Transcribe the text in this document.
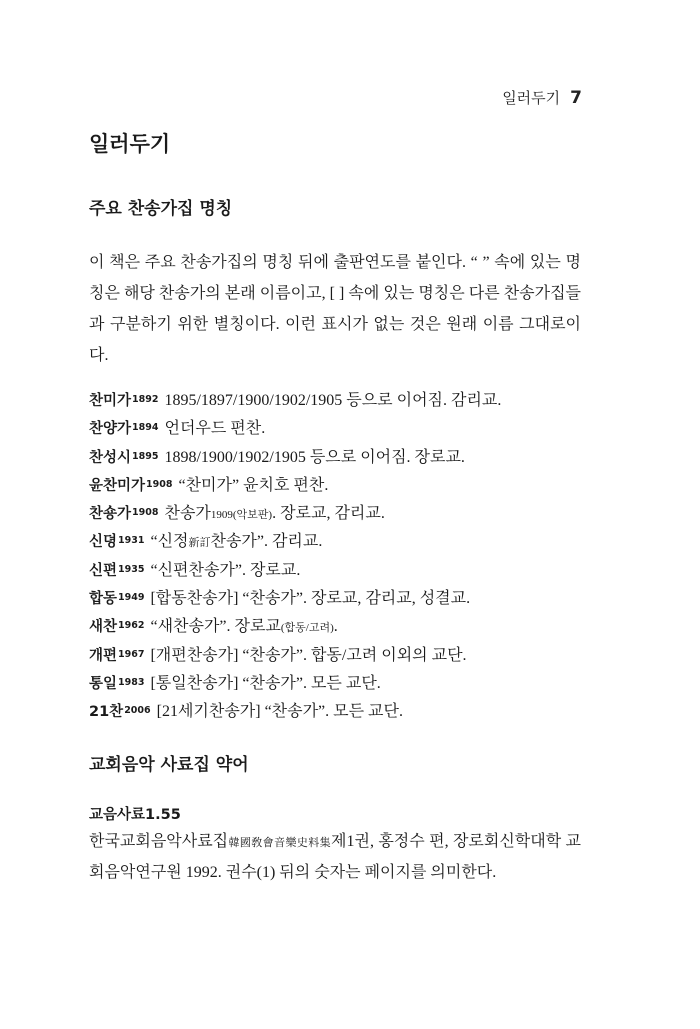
일러두기 7
일러두기
주요 찬송가집 명칭

이 책은 주요 찬송가집의 명칭 뒤에 출판연도를 붙인다. “ ” 속에 있는 명칭은 해당 찬송가의 본래 이름이고, [ ] 속에 있는 명칭은 다른 찬송가집들과 구분하기 위한 별칭이다. 이런 표시가 없는 것은 원래 이름 그대로이다.

찬미가1892 1895/1897/1900/1902/1905 등으로 이어짐. 감리교.
찬양가1894 언더우드 편찬.
찬성시1895 1898/1900/1902/1905 등으로 이어짐. 장로교.
윤찬미가1908 “찬미가” 윤치호 편찬.
찬숑가1908 찬송가1909(악보판). 장로교, 감리교.
신뎡1931 “신정新訂찬송가”. 감리교.
신편1935 “신편찬송가”. 장로교.
합동1949 [합동찬송가] “찬송가”. 장로교, 감리교, 성결교.
새찬1962 “새찬송가”. 장로교(합동/고려).
개편1967 [개편찬송가] “찬송가”. 합동/고려 이외의 교단.
통일1983 [통일찬송가] “찬송가”. 모든 교단.
21찬2006 [21세기찬송가] “찬송가”. 모든 교단.
교회음악 사료집 약어

교음사료1.55

한국교회음악사료집韓國敎會音樂史料集제1권, 홍정수 편, 장로회신학대학 교회음악연구원 1992. 권수(1) 뒤의 숫자는 페이지를 의미한다.
